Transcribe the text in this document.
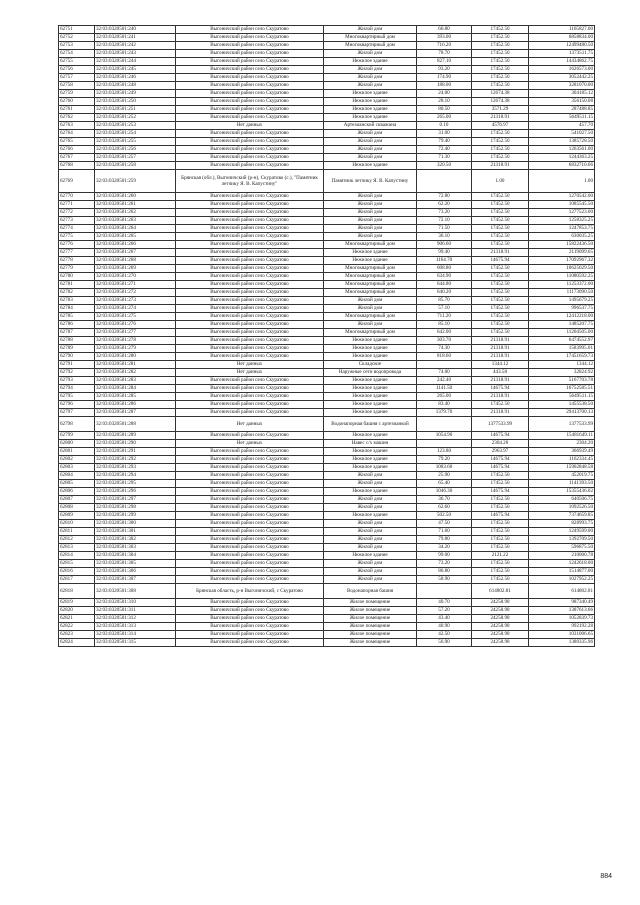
62751	32:03:0320501:240	Выгоничский район село Скуратово	Жилой дом	66.80	17452.50	1165827.00
62752	32:03:0320501:241	Выгоничский район село Скуратово	Многоквартирный дом	393.00	17452.50	6858834.00
62753	32:03:0320501:242	Выгоничский район село Скуратово	Многоквартирный дом	716.20	17452.50	12499480.50
62754	32:03:0320501:243	Выгоничский район село Скуратово	Жилой дом	78.70	17452.50	1373511.75
62755	32:03:0320501:244	Выгоничский район село Скуратово	Нежилое здание	827.10	17452.50	14434862.75
62756	32:03:0320501:245	Выгоничский район село Скуратово	Жилой дом	93.20	17452.50	1626573.00
62757	32:03:0320501:246	Выгоничский район село Скуратово	Жилой дом	174.90	17452.50	3052442.25
62758	32:03:0320501:248	Выгоничский район село Скуратово	Жилой дом	188.00	17452.50	3281070.00
62759	32:03:0320501:249	Выгоничский район село Скуратово	Нежилое здание	24.00	12674.38	304185.12
62760	32:03:0320501:250	Выгоничский район село Скуратово	Нежилое здание	28.10	12674.38	356150.08
62761	32:03:0320501:251	Выгоничский район село Скуратово	Нежилое здание	80.50	3571.29	287488.85
62762	32:03:0320501:252	Выгоничский район село Скуратово	Нежилое здание	265.00	21318.91	5649511.15
62763	32:03:0320501:253	Нет данных	Артезианский скважина	0.10	4576.97	457.70
62764	32:03:0320501:254	Выгоничский район село Скуратово	Жилой дом	31.00	17452.50	541027.50
62765	32:03:0320501:255	Выгоничский район село Скуратово	Жилой дом	79.40	17452.50	1385728.50
62766	32:03:0320501:256	Выгоничский район село Скуратово	Жилой дом	72.40	17452.50	1263561.00
62767	32:03:0320501:257	Выгоничский район село Скуратово	Жилой дом	71.30	17452.50	1244363.25
62768	32:03:0320501:258	Выгоничский район село Скуратово	Нежилое здание	320.50	21318.91	6832710.66
62769	32:03:0320501:259	Брянская (обл.), Выгоничский (р-н), Скуратово (с.), "Памятник летчику Я. В. Капустину"	Памятник летчику Я. В. Капустину		1.00	1.00
62770	32:03:0320501:260	Выгоничский район село Скуратово	Жилой дом	72.80	17452.50	1270542.00
62771	32:03:0320501:261	Выгоничский район село Скуратово	Жилой дом	62.20	17452.50	1085545.50
62772	32:03:0320501:262	Выгоничский район село Скуратово	Жилой дом	73.20	17452.50	1277523.00
62773	32:03:0320501:263	Выгоничский район село Скуратово	Жилой дом	72.10	17452.50	1258325.25
62774	32:03:0320501:264	Выгоничский район село Скуратово	Жилой дом	71.50	17452.50	1247853.75
62775	32:03:0320501:265	Выгоничский район село Скуратово	Жилой дом	36.10	17452.50	630035.25
62776	32:03:0320501:266	Выгоничский район село Скуратово	Многоквартирный дом	906.60	17452.50	15822436.50
62777	32:03:0320501:267	Выгоничский район село Скуратово	Нежилое здание	99.40	21318.91	2119099.65
62778	32:03:0320501:268	Выгоничский район село Скуратово	Нежилое здание	1164.70	14675.94	17092967.32
62779	32:03:0320501:269	Выгоничский район село Скуратово	Многоквартирный дом	608.80	17452.50	10625029.50
62780	32:03:0320501:270	Выгоничский район село Скуратово	Многоквартирный дом	634.90	17452.50	11080592.25
62781	32:03:0320501:271	Выгоничский район село Скуратово	Многоквартирный дом	644.80	17452.50	11253372.00
62782	32:03:0320501:272	Выгоничский район село Скуратово	Многоквартирный дом	640.20	17452.50	11173090.50
62783	32:03:0320501:273	Выгоничский район село Скуратово	Жилой дом	85.70	17452.50	1495679.25
62784	32:03:0320501:274	Выгоничский район село Скуратово	Жилой дом	57.10	17452.50	996537.75
62785	32:03:0320501:275	Выгоничский район село Скуратово	Многоквартирный дом	711.20	17452.50	12412218.00
62786	32:03:0320501:276	Выгоничский район село Скуратово	Жилой дом	85.10	17452.50	1485207.75
62787	32:03:0320501:277	Выгоничский район село Скуратово	Многоквартирный дом	642.00	17452.50	11204505.00
62788	32:03:0320501:278	Выгоничский район село Скуратово	Нежилое здание	303.70	21318.91	6474552.97
62789	32:03:0320501:279	Выгоничский район село Скуратово	Нежилое здание	74.30	21318.91	1583995.01
62790	32:03:0320501:280	Выгоничский район село Скуратово	Нежилое здание	818.60	21318.91	17451659.73
62791	32:03:0320501:281	Нет данных	Складское		1344.12	1344.12
62792	32:03:0320501:282	Нет данных	Наружные сети водопровода	74.00	443.58	32824.92
62793	32:03:0320501:283	Выгоничский район село Скуратово	Нежилое здание	242.40	21318.91	5167703.78
62794	32:03:0320501:284	Выгоничский район село Скуратово	Нежилое здание	1141.50	14675.94	16752585.51
62795	32:03:0320501:285	Выгоничский район село Скуратово	Нежилое здание	265.00	21318.91	5649511.15
62796	32:03:0320501:286	Выгоничский район село Скуратово	Нежилое здание	83.40	17452.50	1455538.50
62797	32:03:0320501:287	Выгоничский район село Скуратово	Нежилое здание	1379.70	21318.91	29413700.13
62798	32:03:0320501:288	Нет данных	Водонапорная башня с артезианкой		1377533.99	1377533.99
62799	32:03:0320501:289	Выгоничский район село Скуратово	Нежилое здание	1054.90	14675.94	15481649.11
62800	32:03:0320501:290	Нет данных	Навес с/х машин		2304.20	2304.20
62801	32:03:0320501:291	Выгоничский район село Скуратово	Нежилое здание	123.80	2963.97	366939.49
62802	32:03:0320501:292	Выгоничский район село Скуратово	Нежилое здание	79.20	14675.94	1162334.45
62803	32:03:0320501:293	Выгоничский район село Скуратово	Нежилое здание	1083.60	14675.94	15902848.58
62804	32:03:0320501:294	Выгоничский район село Скуратово	Жилой дом	25.90	17452.50	452019.75
62805	32:03:0320501:295	Выгоничский район село Скуратово	Жилой дом	65.40	17452.50	1141393.50
62806	32:03:0320501:296	Выгоничский район село Скуратово	Нежилое здание	1046.30	14675.94	15355436.02
62807	32:03:0320501:297	Выгоничский район село Скуратово	Жилой дом	36.70	17452.50	640506.75
62808	32:03:0320501:298	Выгоничский район село Скуратово	Жилой дом	62.60	17452.50	1092526.50
62809	32:03:0320501:299	Выгоничский район село Скуратово	Нежилое здание	502.50	14675.94	7374659.85
62810	32:03:0320501:300	Выгоничский район село Скуратово	Жилой дом	47.50	17452.50	828993.75
62811	32:03:0320501:301	Выгоничский район село Скуратово	Жилой дом	71.60	17452.50	1249599.00
62812	32:03:0320501:302	Выгоничский район село Скуратово	Жилой дом	79.80	17452.50	1392709.50
62813	32:03:0320501:303	Выгоничский район село Скуратово	Жилой дом	34.20	17452.50	596875.50
62814	32:03:0320501:304	Выгоничский район село Скуратово	Нежилое здание	99.00	2121.22	210000.78
62815	32:03:0320501:305	Выгоничский район село Скуратово	Жилой дом	73.20	17452.50	1242618.00
62816	32:03:0320501:306	Выгоничский район село Скуратово	Жилой дом	86.80	17452.50	1514877.00
62817	32:03:0320501:307	Выгоничский район село Скуратово	Жилой дом	58.90	17452.50	1027952.25
62818	32:03:0320501:308	Брянская область, р-н Выгоничский, с Скуратово	Водонапорная башня		614802.81	614802.81
62819	32:03:0320501:310	Выгоничский район село Скуратово	Жилое помещение	40.70	24258.98	987340.49
62820	32:03:0320501:311	Выгоничский район село Скуратово	Жилое помещение	57.20	24258.98	1387613.66
62821	32:03:0320501:312	Выгоничский район село Скуратово	Жилое помещение	43.40	24258.98	1052839.73
62822	32:03:0320501:313	Выгоничский район село Скуратово	Жилое помещение	40.90	24258.98	992192.28
62823	32:03:0320501:314	Выгоничский район село Скуратово	Жилое помещение	42.50	24258.98	1031006.65
62824	32:03:0320501:315	Выгоничский район село Скуратово	Жилое помещение	56.90	24258.98	1380335.96
884
